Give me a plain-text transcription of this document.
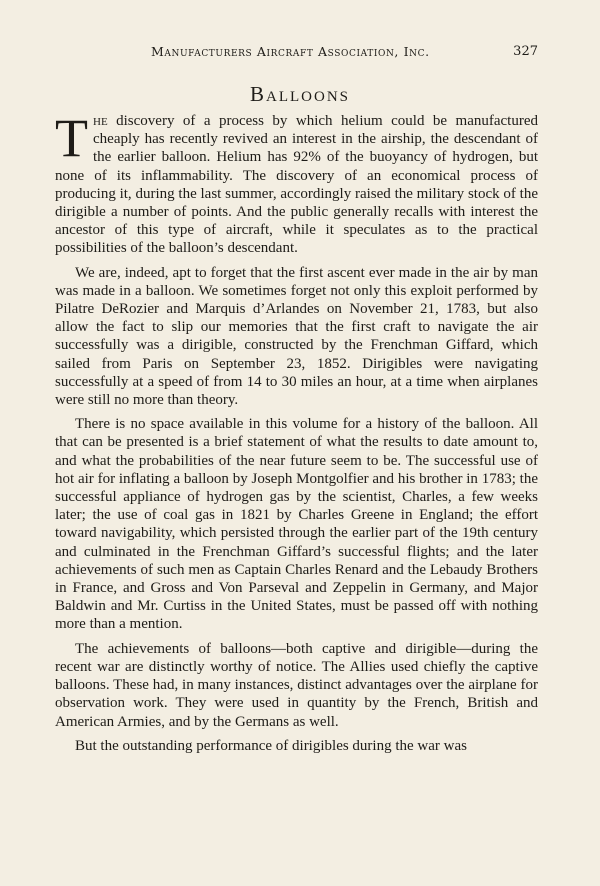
Manufacturers Aircraft Association, Inc.	327
Balloons

The discovery of a process by which helium could be manufactured cheaply has recently revived an interest in the airship, the descendant of the earlier balloon. Helium has 92% of the buoyancy of hydrogen, but none of its inflammability. The discovery of an economical process of producing it, during the last summer, accordingly raised the military stock of the dirigible a number of points. And the public generally recalls with interest the ancestor of this type of aircraft, while it speculates as to the practical possibilities of the balloon’s descendant.

We are, indeed, apt to forget that the first ascent ever made in the air by man was made in a balloon. We sometimes forget not only this exploit performed by Pilatre DeRozier and Marquis d’Arlandes on November 21, 1783, but also allow the fact to slip our memories that the first craft to navigate the air successfully was a dirigible, constructed by the Frenchman Giffard, which sailed from Paris on September 23, 1852. Dirigibles were navigating successfully at a speed of from 14 to 30 miles an hour, at a time when airplanes were still no more than theory.

There is no space available in this volume for a history of the balloon. All that can be presented is a brief statement of what the results to date amount to, and what the probabilities of the near future seem to be. The successful use of hot air for inflating a balloon by Joseph Montgolfier and his brother in 1783; the successful appliance of hydrogen gas by the scientist, Charles, a few weeks later; the use of coal gas in 1821 by Charles Greene in England; the effort toward navigability, which persisted through the earlier part of the 19th century and culminated in the Frenchman Giffard’s successful flights; and the later achievements of such men as Captain Charles Renard and the Lebaudy Brothers in France, and Gross and Von Parseval and Zeppelin in Germany, and Major Baldwin and Mr. Curtiss in the United States, must be passed off with nothing more than a mention.

The achievements of balloons—both captive and dirigible—during the recent war are distinctly worthy of notice. The Allies used chiefly the captive balloons. These had, in many instances, distinct advantages over the airplane for observation work. They were used in quantity by the French, British and American Armies, and by the Germans as well.

But the outstanding performance of dirigibles during the war was
